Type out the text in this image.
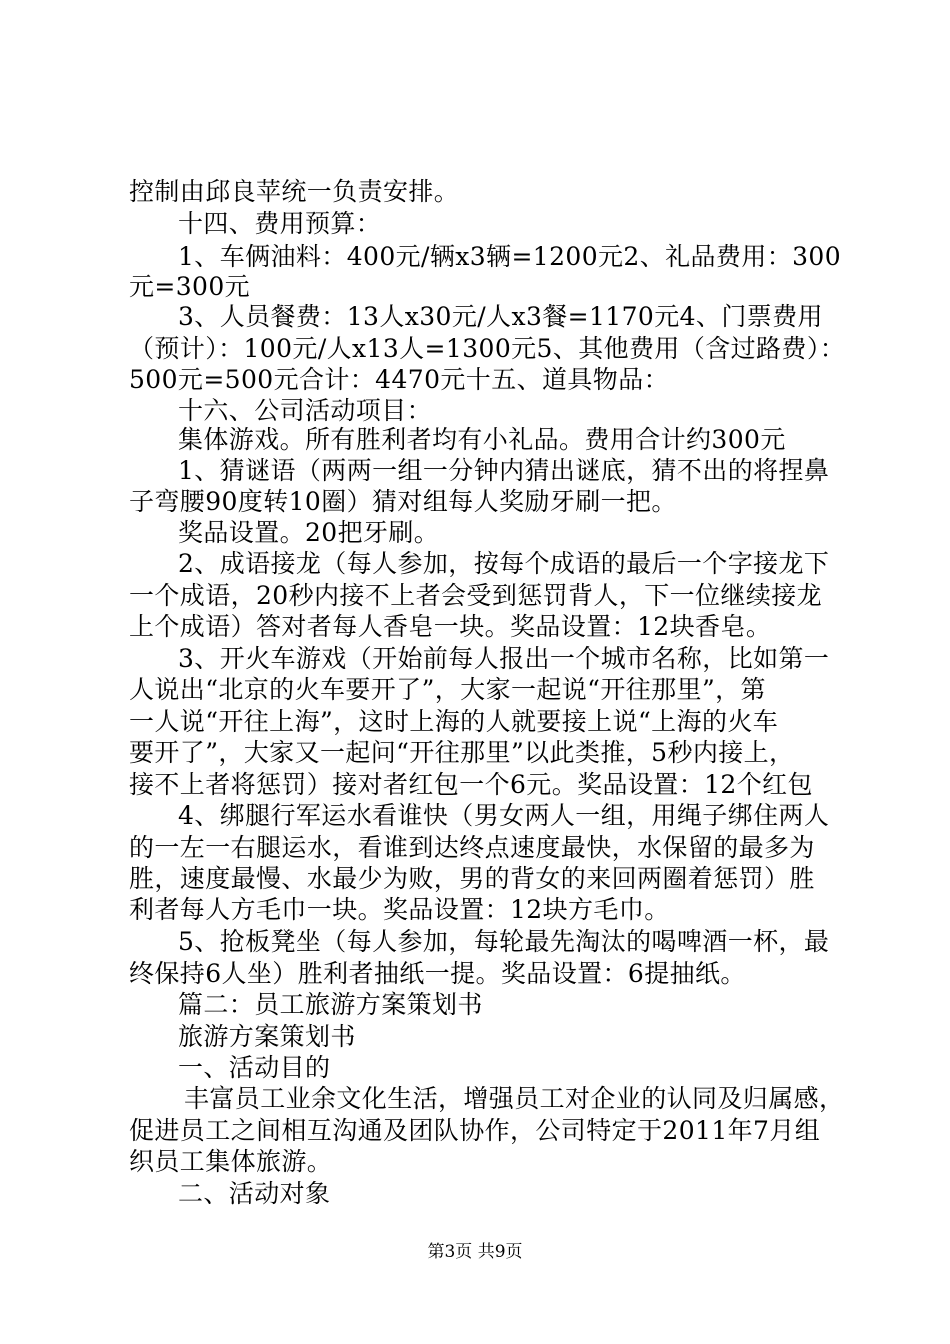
控制由邱良苹统一负责安排。
十四、费用预算：
1、车俩油料：400元/辆x3辆=1200元2、礼品费用：300
元=300元
3、人员餐费：13人x30元/人x3餐=1170元4、门票费用
（预计）：100元/人x13人=1300元5、其他费用（含过路费）：
500元=500元合计：4470元十五、道具物品：
十六、公司活动项目：
集体游戏。所有胜利者均有小礼品。费用合计约300元
1、猜谜语（两两一组一分钟内猜出谜底，猜不出的将捏鼻
子弯腰90度转10圈）猜对组每人奖励牙刷一把。
奖品设置。20把牙刷。
2、成语接龙（每人参加，按每个成语的最后一个字接龙下
一个成语，20秒内接不上者会受到惩罚背人，下一位继续接龙
上个成语）答对者每人香皂一块。奖品设置：12块香皂。
3、开火车游戏（开始前每人报出一个城市名称，比如第一
人说出“北京的火车要开了”，大家一起说“开往那里”，第
一人说“开往上海”，这时上海的人就要接上说“上海的火车
要开了”，大家又一起问“开往那里”以此类推，5秒内接上，
接不上者将惩罚）接对者红包一个6元。奖品设置：12个红包
4、绑腿行军运水看谁快（男女两人一组，用绳子绑住两人
的一左一右腿运水，看谁到达终点速度最快，水保留的最多为
胜，速度最慢、水最少为败，男的背女的来回两圈着惩罚）胜
利者每人方毛巾一块。奖品设置：12块方毛巾。
5、抢板凳坐（每人参加，每轮最先淘汰的喝啤酒一杯，最
终保持6人坐）胜利者抽纸一提。奖品设置：6提抽纸。
篇二：员工旅游方案策划书
旅游方案策划书
一、活动目的
丰富员工业余文化生活，增强员工对企业的认同及归属感，
促进员工之间相互沟通及团队协作，公司特定于2011年7月组
织员工集体旅游。
二、活动对象
第3页 共9页
